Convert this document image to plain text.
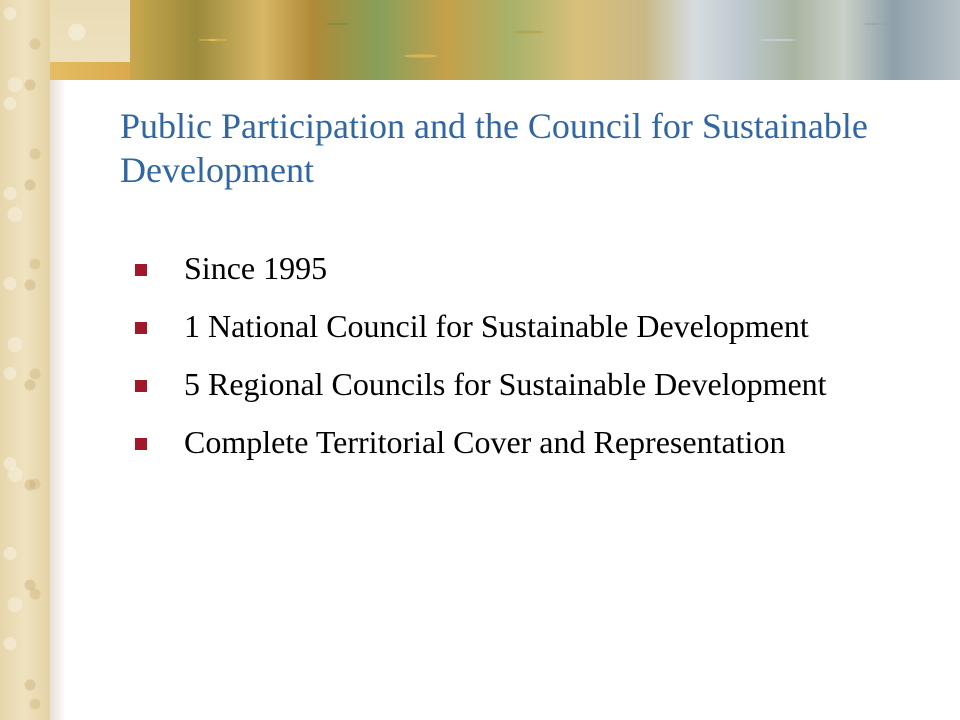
Public Participation and the Council for Sustainable Development
Since 1995
1 National Council for Sustainable Development
5 Regional Councils for Sustainable Development
Complete Territorial Cover and Representation
